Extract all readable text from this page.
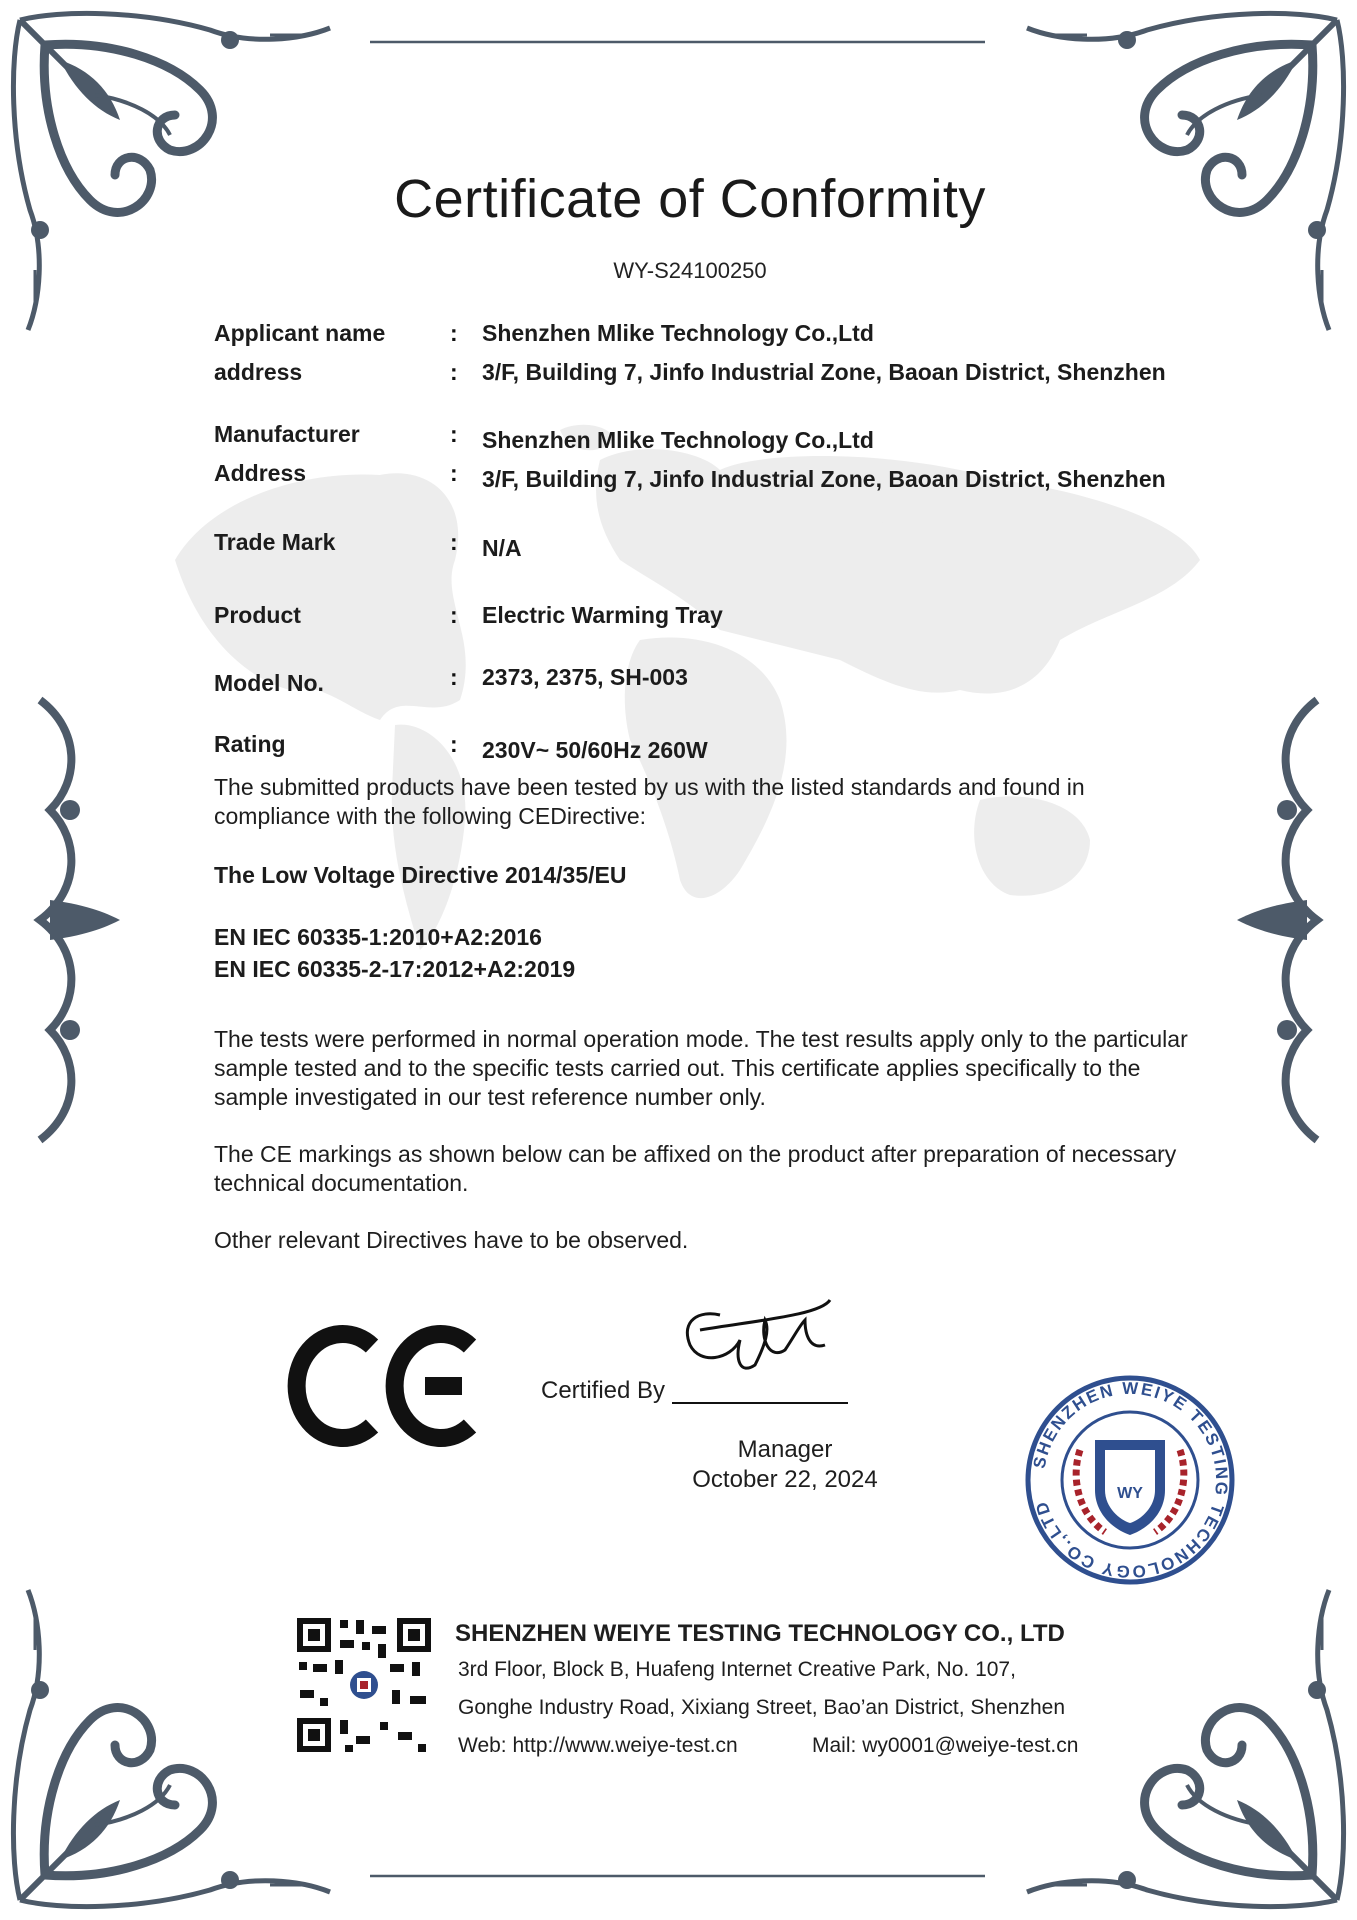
SHENZHEN WEIYE TESTING TECHNOLOGY CO.,LTD
WY
Certificate of Conformity
WY-S24100250
Applicant name	: Shenzhen Mlike Technology Co.,Ltd
address	: 3/F, Building 7, Jinfo Industrial Zone, Baoan District, Shenzhen
Manufacturer	: Shenzhen Mlike Technology Co.,Ltd
Address	: 3/F, Building 7, Jinfo Industrial Zone, Baoan District, Shenzhen
Trade Mark	: N/A
Product	: Electric Warming Tray
Model No.	: 2373, 2375, SH-003
Rating	: 230V~ 50/60Hz 260W
The submitted products have been tested by us with the listed standards and found in compliance with the following CEDirective:
The Low Voltage Directive 2014/35/EU
EN IEC 60335-1:2010+A2:2016
EN IEC 60335-2-17:2012+A2:2019
The tests were performed in normal operation mode. The test results apply only to the particular sample tested and to the specific tests carried out. This certificate applies specifically to the sample investigated in our test reference number only.
The CE markings as shown below can be affixed on the product after preparation of necessary technical documentation.
Other relevant Directives have to be observed.
Certified By
Manager
October 22, 2024
SHENZHEN WEIYE TESTING TECHNOLOGY CO., LTD
3rd Floor, Block B, Huafeng Internet Creative Park, No. 107,
Gonghe Industry Road, Xixiang Street, Bao’an District, Shenzhen
Web: http://www.weiye-test.cn	Mail: wy0001@weiye-test.cn
